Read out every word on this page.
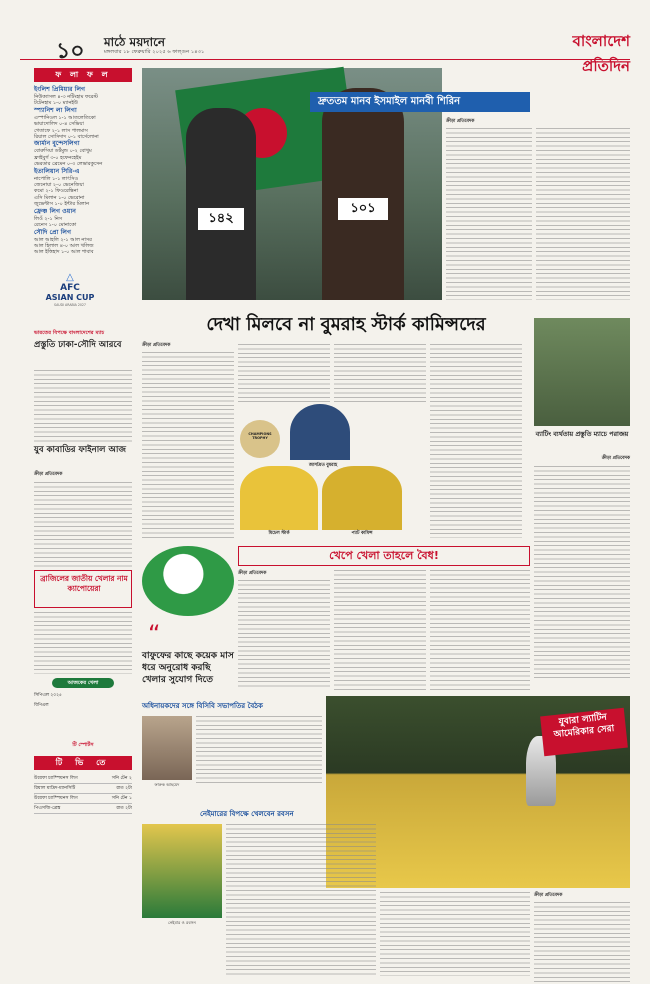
১০	মাঠে ময়দানে
মঙ্গলবার ১৮ ফেব্রুয়ারি ২০২৫ ৬ ফাল্গুন ১৪৩১
বাংলাদেশ প্রতিদিন
ফ লা ফ ল
ইংলিশ প্রিমিয়ার লিগ
নিউক্যাসল ৪-৩ নটিংহাম ফরেস্ট
টটেনহাম ১-০ ম্যানইউ
স্প্যানিশ লা লিগা
এস্পানিওল ১-১ আতলেতিকো
ভায়াদোলিদ ০-৪ সেভিয়া
গেতাফে ২-১ লাস পালমাস
রিয়াল সোসিদাদ ০-১ বার্সেলোনা
জার্মান বুন্দেসলিগা
বোরুসিয়া ডর্টমুন্ড ০-২ বোখুম
ফ্রাইবুর্গ ৩-০ হফেনহেইম
ভেরডার ব্রেমেন ০-৩ লেভারকুসেন
ইতালিয়ান সিরি-এ
নাপোলি ১-১ লাৎসিও
জেনোয়া ২-০ ভেনেজিয়া
কমো ২-১ ফিওরেন্তিনা
এসি মিলান ১-০ ভেরোনা
জুভেন্টাস ১-০ ইন্টার মিলান
ফ্রেঞ্চ লিগ ওয়ান
লিওঁ ২-১ নিস
রেনেস ১-০ মোনাকো
সৌদি প্রো লিগ
আল আহলি ২-১ আল নাসর
আল হিলাল ৪-০ আল খলিজ
আল ইত্তিহাদ ১-০ আল শাবাব
△
AFC
ASIAN CUP
SAUDI ARABIA 2027
ভারতের বিপক্ষে বাংলাদেশের ম্যাচ
প্রস্তুতি ঢাকা-সৌদি আরবে
যুব কাবাডির ফাইনাল আজ
ক্রীড়া প্রতিবেদক
ব্রাজিলের জাতীয় খেলার নাম ক্যাপোয়েরা
আজকের খেলা
সিপিএল ২০২৫
বিপিএল
টি স্পোর্টস
টি ভি তে
উয়েফা চ্যাম্পিয়নস লিগ	সনি টেন ২
রিয়াল মাদ্রিদ-ম্যানসিটি	রাত ২টা
উয়েফা চ্যাম্পিয়নস লিগ	সনি টেন ১
পিএসজি-ব্রেস্ত	রাত ২টা
১৪২
১০১
দ্রুততম মানব ইসমাইল মানবী শিরিন
ক্রীড়া প্রতিবেদক
দেখা মিলবে না বুমরাহ স্টার্ক কামিন্সদের
ক্রীড়া প্রতিবেদক
জাসপ্রিত বুমরাহ
CHAMPIONS TROPHY
মিচেল স্টার্ক	প্যাট কামিন্স
ব্যাটিং ব্যর্থতায় প্রস্তুতি ম্যাচে পরাজয়
ক্রীড়া প্রতিবেদক
খেপে খেলা তাহলে বৈধ!
ক্রীড়া প্রতিবেদক
“
বাফুফের কাছে কয়েক মাস ধরে অনুরোধ করছি খেলার সুযোগ দিতে
অধিনায়কদের সঙ্গে বিসিবি সভাপতির বৈঠক
ফারুক আহমেদ
যুবারা ল্যাটিন আমেরিকার সেরা
ক্রীড়া প্রতিবেদক
নেইমারের বিপক্ষে খেলবেন রবসন
নেইমার ও রবসন
